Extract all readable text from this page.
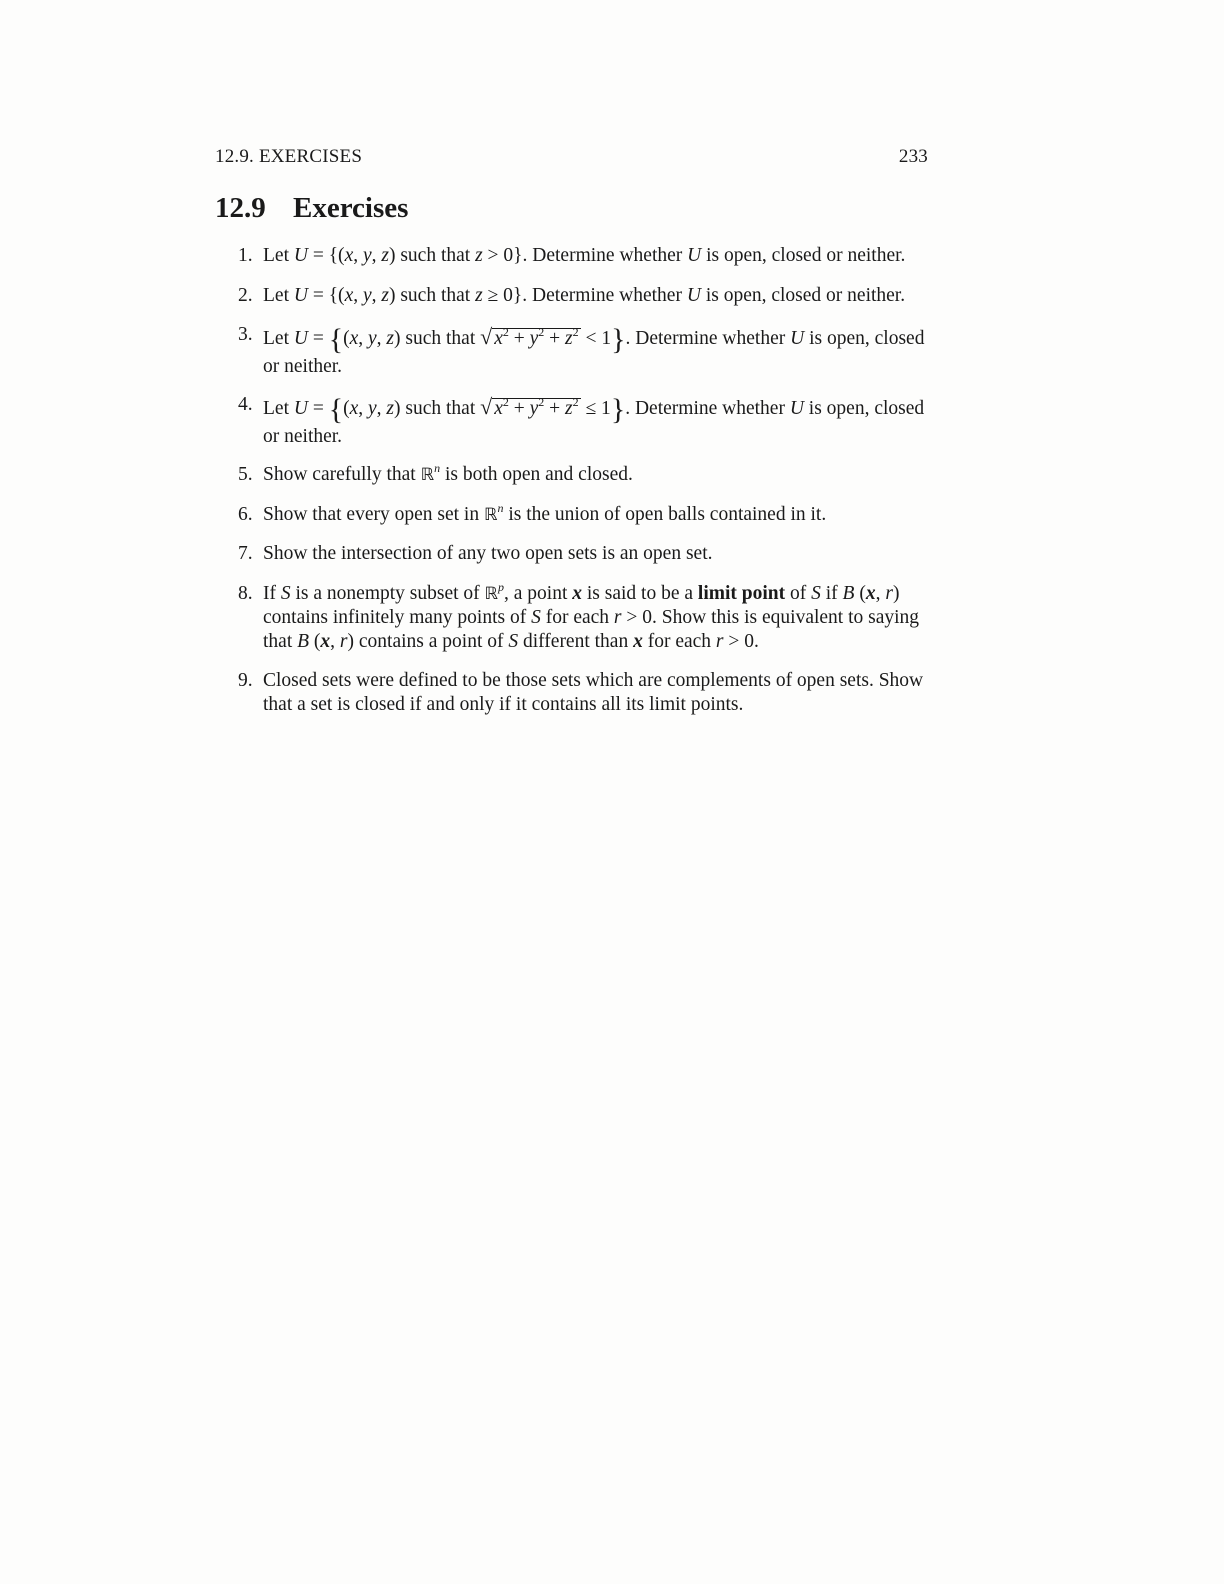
12.9. EXERCISES	233
12.9 Exercises
1. Let U = {(x, y, z) such that z > 0}. Determine whether U is open, closed or neither.
2. Let U = {(x, y, z) such that z ≥ 0}. Determine whether U is open, closed or neither.
3. Let U = {(x, y, z) such that √ $x^2 + y^2 + z^2 < 1$}. Determine whether U is open, closed or neither.
4. Let U = {(x, y, z) such that √ $x^2 + y^2 + z^2 \le 1$}. Determine whether U is open, closed or neither.
5. Show carefully that ℝ$^n$ is both open and closed.
6. Show that every open set in ℝ$^n$ is the union of open balls contained in it.
7. Show the intersection of any two open sets is an open set.
8. If S is a nonempty subset of ℝ$^p$, a point x is said to be a limit point of S if B (x, r) contains infinitely many points of S for each r > 0. Show this is equivalent to saying that B (x, r) contains a point of S different than x for each r > 0.
9. Closed sets were defined to be those sets which are complements of open sets. Show that a set is closed if and only if it contains all its limit points.
